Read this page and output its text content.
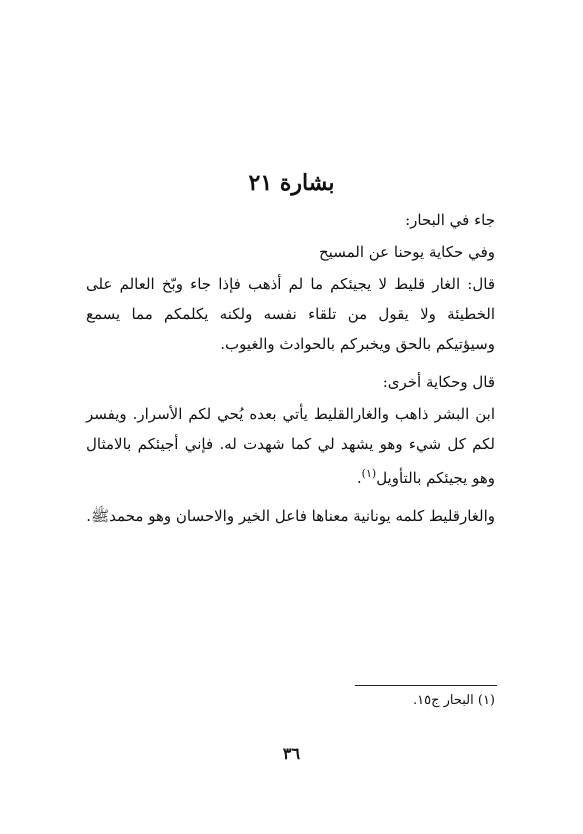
بشارة ٢١

جاء في البحار:

وفي حكاية يوحنا عن المسيح

قال: الغار قليط لا يجيئكم ما لم أذهب فإذا جاء وبّخ العالم على الخطيئة ولا يقول من تلقاء نفسه ولكنه يكلمكم مما يسمع وسيؤتيكم بالحق ويخبركم بالحوادث والغيوب.

قال وحكاية أخرى:

ابن البشر ذاهب والغارالقليط يأتي بعده يُحي لكم الأسرار. ويفسر لكم كل شيء وهو يشهد لي كما شهدت له. فإني أجيئكم بالامثال وهو يجيئكم بالتأويل$^{(١)}$.

والغارقليط كلمه يونانية معناها فاعل الخير والاحسان وهو محمدﷺ.

(١) البحار ج١٥.
٣٦
